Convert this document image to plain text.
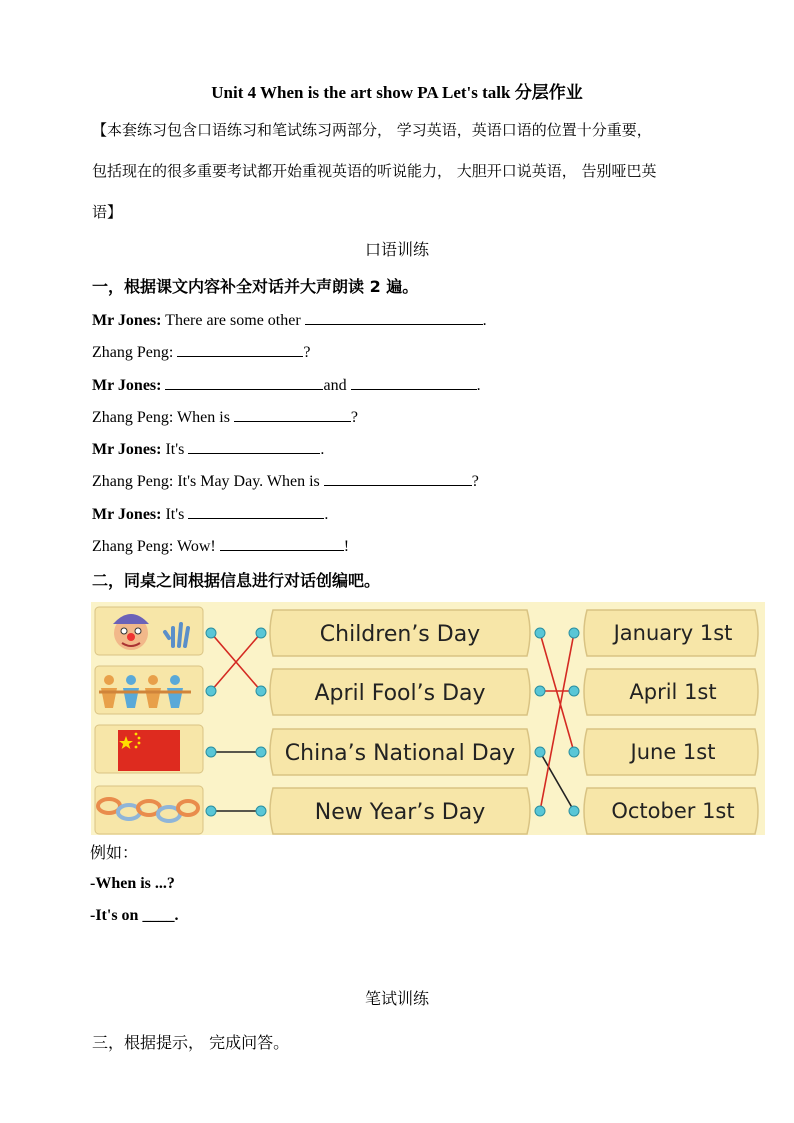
Unit 4 When is the art show PA Let's talk 分层作业
【本套练习包含口语练习和笔试练习两部分， 学习英语，英语口语的位置十分重要，
包括现在的很多重要考试都开始重视英语的听说能力， 大胆开口说英语， 告别哑巴英
语】
口语训练
一，根据课文内容补全对话并大声朗读 2 遍。
Mr Jones: There are some other	.
Zhang Peng:	?
Mr Jones:	and	.
Zhang Peng: When is	?
Mr Jones: It's	.
Zhang Peng: It's May Day. When is	?
Mr Jones: It's	.
Zhang Peng: Wow!	!
二，同桌之间根据信息进行对话创编吧。
Children’s Day
April Fool’s Day
China’s National Day
New Year’s Day
January 1st
April 1st
June 1st
October 1st
例如：
-When is ...?
-It's on ____.
笔试训练
三，根据提示， 完成问答。
